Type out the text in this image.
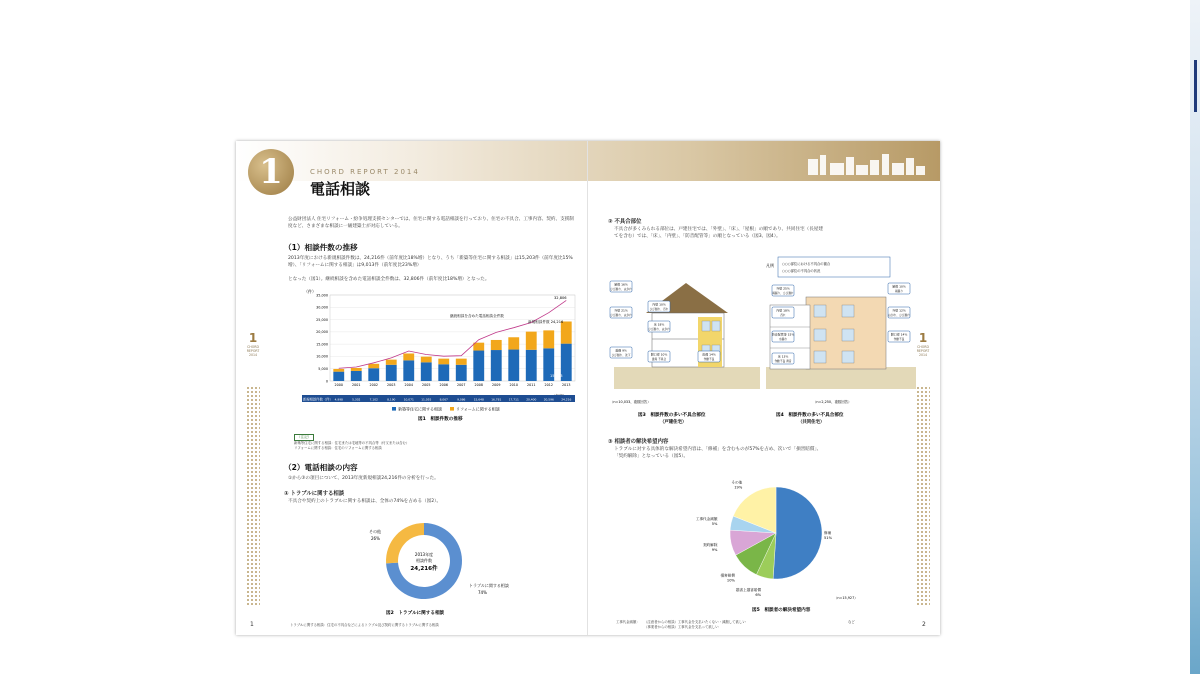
1	CHORD REPORT 2014
電話相談
公益財団法人 住宅リフォーム・紛争処理支援センターでは、住宅に関する電話相談を行っており、住宅の不具合、工事内容、契約、支援制度など、さまざまな相談に一級建築士が対応している。
（1）相談件数の推移
2013年度における新規相談件数は、24,216件（前年度比18%増）となり、うち「新築等住宅に関する相談」は15,203件（前年度比15%増）、「リフォームに関する相談」は9,013件（前年度比23%増）
となった（図1）。継続相談を含めた電話相談全件数は、32,806件（前年度比18%増）となった。
0
5,000
10,000
15,000
20,000
25,000
30,000
35,000
2000	2001	2002	2003	2004	2005	2006	2007	2008	2009	2010	2011	2012	2013
（件）
継続相談を含めた電話相談全件数
新規相談件数 24,216
32,806
15,203
新規相談件数（件） 4,998	5,302	7,102	8,190	10,071	11,055	8,067	9,086	15,648	16,781	17,711	20,400	20,596	24,216
新築等住宅に関する相談	リフォームに関する相談
図1　相談件数の推移
（注記）
新築等住宅に関する相談：住宅または宅地等の不具合等（付又または含む）
リフォームに関する相談：住宅のリフォームに関する相談
（2）電話相談の内容
①から③の項目について、2013年度新規相談24,216件の分析を行った。
① トラブルに関する相談
不具合や契約上のトラブルに関する相談は、全体の74%を占める（図2）。
2013年度
相談件数
24,216件
トラブルに関する相談
74%
その他
26%
図2　トラブルに関する相談
トラブルに関する相談：住宅の不具合などによるトラブル及び契約に関するトラブルに関する相談
1
1
CHORD REPORT 2014
② 不具合部位
不具合が多くみられる部位は、戸建住宅では、「外壁」、「床」、「屋根」の順であり、共同住宅（長屋建
てを含む）では、「床」、「内壁」、「防音配管等」の順となっている（図3、図4）。
凡例 ○○○部位における不具合の割合
○○○部位の不具合の状況
屋根 16%
ひび割れ、はがれ
外壁 21%
ひび割れ、はがれ
内壁 10%
ひび割れ、汚れ
床 18%
ひび割れ、はがれ
基礎 9%
ひび割れ、沈下	開口部 10%
建具 不具合
設備 14%
作動不良
屋根 10%
雨漏り
外壁 25%
雨漏り、ひび割れ
内壁 18%
汚れ
外壁 12%
はがれ、ひび割れ
防音配管等 15%
水漏れ
開口部 14%
作動不良
床 13%
作動不良 遮音
（n=10,033、複数回答）	（n=2,250、複数回答）
図3　相談件数の多い不具合部位
（戸建住宅）
図4　相談件数の多い不具合部位
（共同住宅）
③ 相談者の解決希望内容
トラブルに対する具体的な解決希望内容は、「修補」を含むものが57%を占め、次いで「損害賠償」、
「契約解除」となっている（図5）。
修補
51%
損害上損害賠償
6%
損害賠償
10%
契約解除
9%
工事代金減額
5%
その他
19%
（n=15,927）
図5　相談者の解決希望内容
工事代金減額： （注意者からの相談）工事代金を支払いたくない・減額して欲しい
（事業者からの相談）工事代金を支払って欲しい
など	2
1
CHORD REPORT 2014
